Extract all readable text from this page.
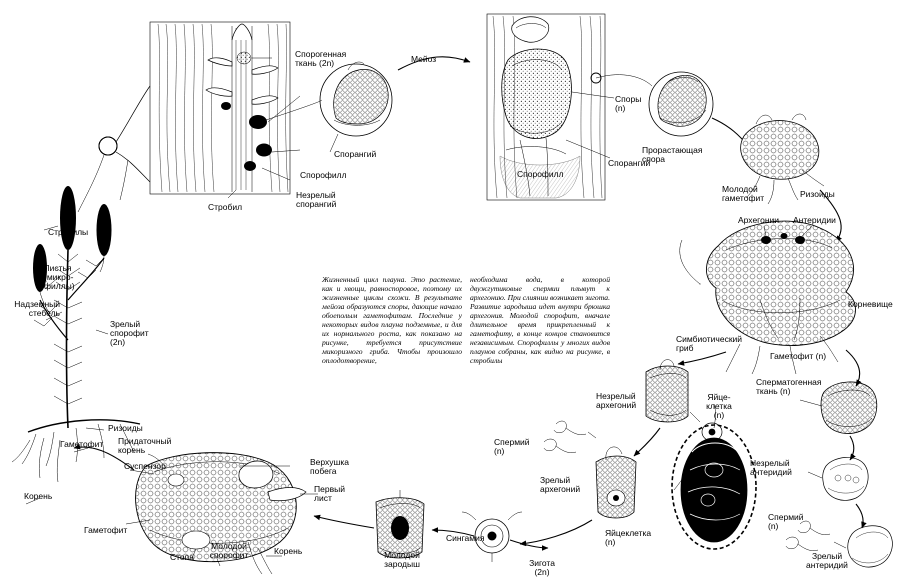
Спорогенная
ткань (2n)	Мейоз
Спорангий
Спорофилл
Незрелый
спорангий
Стробил
Споры
(n)
Прорастающая
спора
Спорофилл
Спорангий
Молодой
гаметофит	Ризоиды
Архегонии Антеридии
Корневище
Симбиотический
гриб
Гаметофит (n)
Сперматогенная
ткань (n)
Незрелый
антеридий
Спермий
(n)
Зрелый
антеридий
Незрелый
архегоний
Яйце-
клетка
(n)
Спермий
(n)
Зрелый
архегоний
Яйцеклетка
(n)
Зигота
(2n)
Сингамия
Молодой
зародыш
Молодой
спорофит	Корень
Стопа
Гаметофит
Суспензор	Верхушка
побега
Первый
лист
Корень
Гаметофит
Ризоиды
Придаточный
корень
Надземный
стебель
Листья
(микро-
филлы)
Стробилы
Зрелый
спорофит
(2n)
Жизненный цикл плауна. Это растение, как и хвощи, равноспоровое, поэтому их жизненные циклы схожи. В результате мейоза образуются споры, дающие начало обоеполым гаметофитам. Последние у некоторых видов плауна подземные, и для их нормального роста, как показано на рисунке, требуется присутствие микоризного гриба. Чтобы произошло оплодотворение,необходима вода, в которой двужгутиковые спермии плывут к архегонию. При слиянии возникает зигота. Развитие зародыша идет внутри брюшка архегония. Молодой спорофит, вначале длительное время прикрепленный к гаметофиту, в конце концов становится независимым. Спорофиллы у многих видов плаунов собраны, как видно на рисунке, в стробилы
